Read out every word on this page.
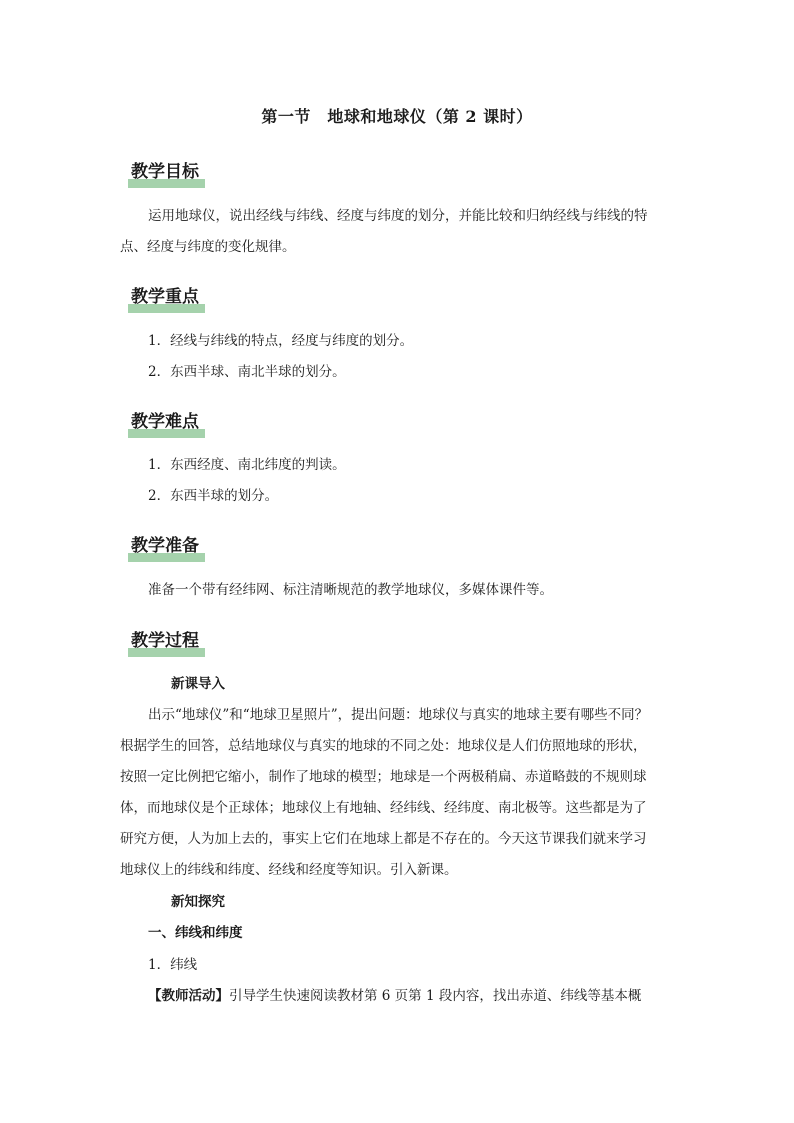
第一节　地球和地球仪（第 2 课时）
教学目标
运用地球仪，说出经线与纬线、经度与纬度的划分，并能比较和归纳经线与纬线的特
点、经度与纬度的变化规律。
教学重点
1．经线与纬线的特点，经度与纬度的划分。
2．东西半球、南北半球的划分。
教学难点
1．东西经度、南北纬度的判读。
2．东西半球的划分。
教学准备
准备一个带有经纬网、标注清晰规范的教学地球仪，多媒体课件等。
教学过程
新课导入
出示“地球仪”和“地球卫星照片”，提出问题：地球仪与真实的地球主要有哪些不同？
根据学生的回答，总结地球仪与真实的地球的不同之处：地球仪是人们仿照地球的形状，
按照一定比例把它缩小，制作了地球的模型；地球是一个两极稍扁、赤道略鼓的不规则球
体，而地球仪是个正球体；地球仪上有地轴、经纬线、经纬度、南北极等。这些都是为了
研究方便，人为加上去的，事实上它们在地球上都是不存在的。今天这节课我们就来学习
地球仪上的纬线和纬度、经线和经度等知识。引入新课。
新知探究
一、纬线和纬度
1．纬线
【教师活动】引导学生快速阅读教材第 6 页第 1 段内容，找出赤道、纬线等基本概
